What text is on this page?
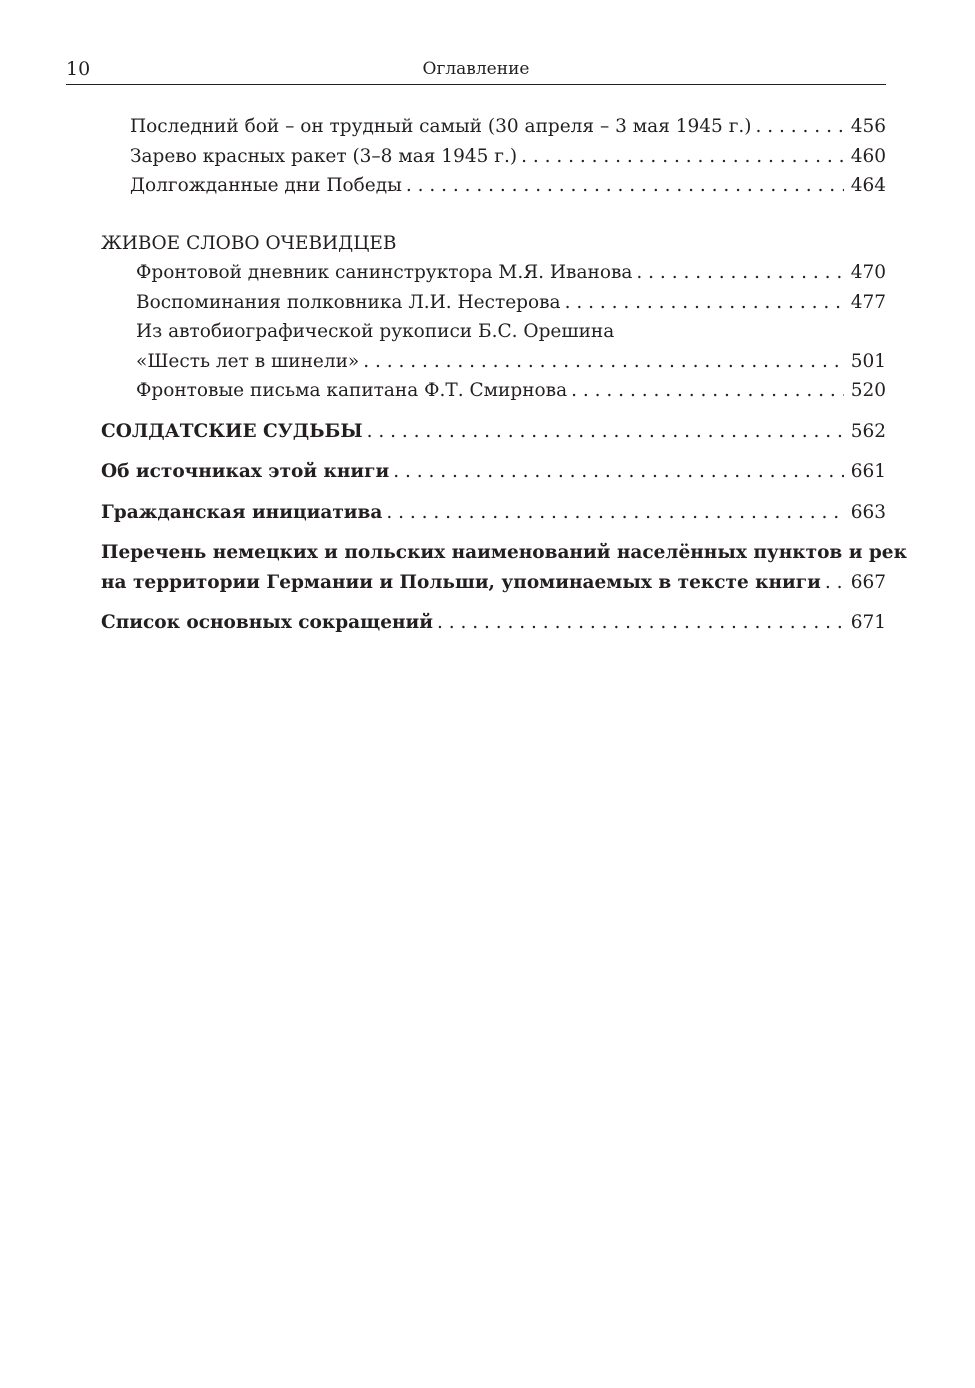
10	Оглавление
Последний бой – он трудный самый (30 апреля – 3 мая 1945 г.) . . .	456
Зарево красных ракет (3–8 мая 1945 г.) . . .	460
Долгожданные дни Победы . . .	464
ЖИВОЕ СЛОВО ОЧЕВИДЦЕВ
Фронтовой дневник санинструктора М.Я. Иванова . . .	470
Воспоминания полковника Л.И. Нестерова . . .	477
Из автобиографической рукописи Б.С. Орешина
«Шесть лет в шинели» . . .	501
Фронтовые письма капитана Ф.Т. Смирнова . . .	520
СОЛДАТСКИЕ СУДЬБЫ . . .	562
Об источниках этой книги . . .	661
Гражданская инициатива . . .	663
Перечень немецких и польских наименований населённых пунктов и рек
на территории Германии и Польши, упоминаемых в тексте книги . . . 667
Список основных сокращений . . .	671
